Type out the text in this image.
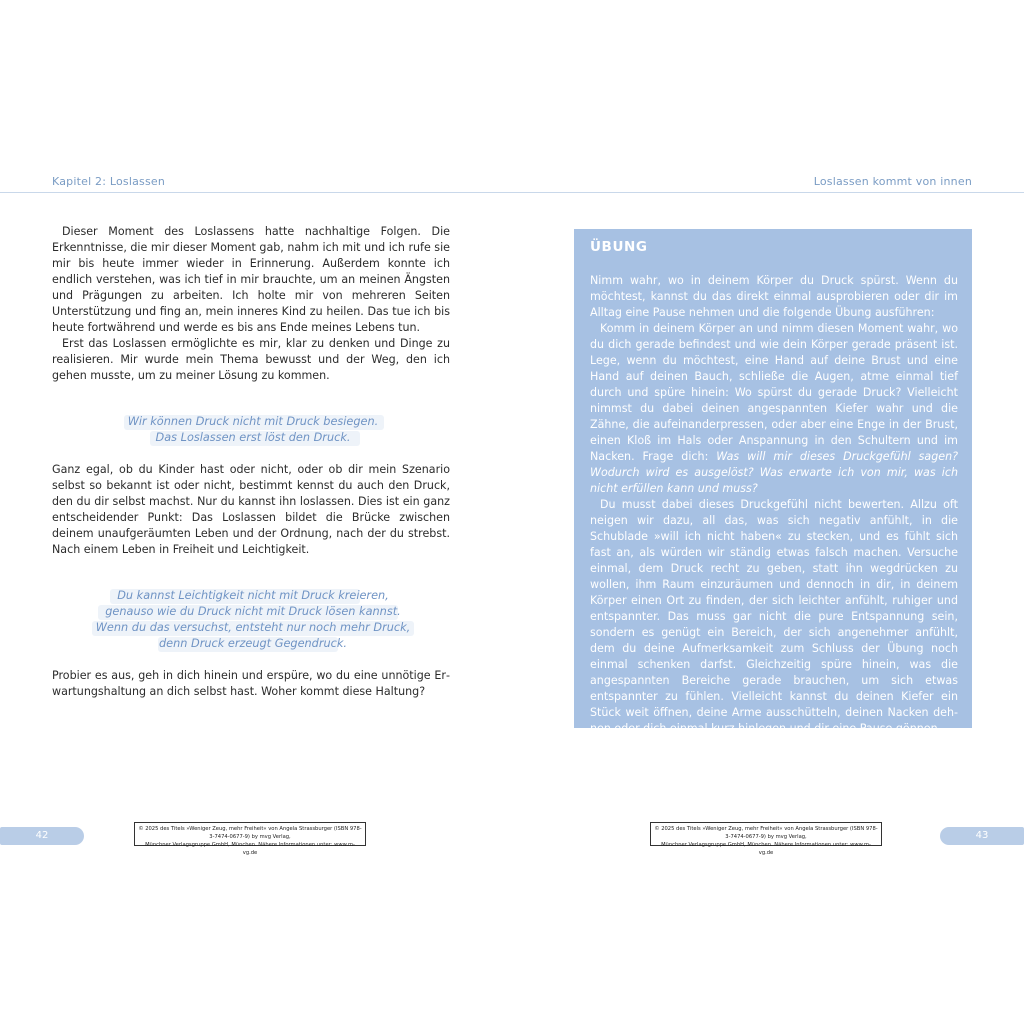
Kapitel 2: Loslassen	Loslassen kommt von innen

Dieser Moment des Loslassens hatte nachhaltige Folgen. Die Erkenntnisse, die mir dieser Moment gab, nahm ich mit und ich rufe sie mir bis heute immer wieder in Erinnerung. Außerdem konnte ich endlich verstehen, was ich tief in mir brauchte, um an meinen Ängsten und Prägungen zu arbeiten. Ich holte mir von mehreren Seiten Unterstützung und fing an, mein inneres Kind zu heilen. Das tue ich bis heute fortwährend und werde es bis ans Ende meines Lebens tun.

Erst das Loslassen ermöglichte es mir, klar zu denken und Dinge zu realisieren. Mir wurde mein Thema bewusst und der Weg, den ich gehen musste, um zu meiner Lösung zu kommen.

Wir können Druck nicht mit Druck besiegen.
Das Loslassen erst löst den Druck.

Ganz egal, ob du Kinder hast oder nicht, oder ob dir mein Szenario selbst so bekannt ist oder nicht, bestimmt kennst du auch den Druck, den du dir selbst machst. Nur du kannst ihn loslassen. Dies ist ein ganz entscheidender Punkt: Das Loslassen bildet die Brücke zwischen deinem unaufgeräumten Leben und der Ordnung, nach der du strebst. Nach einem Leben in Freiheit und Leichtigkeit.

Du kannst Leichtigkeit nicht mit Druck kreieren,
genauso wie du Druck nicht mit Druck lösen kannst.
Wenn du das versuchst, entsteht nur noch mehr Druck,
denn Druck erzeugt Gegendruck.

Probier es aus, geh in dich hinein und erspüre, wo du eine unnötige Erwartungshaltung an dich selbst hast. Woher kommt diese Haltung?

42
© 2025 des Titels »Weniger Zeug, mehr Freiheit« von Angela Strassburger (ISBN 978-3-7474-0677-9) by mvg Verlag,
Münchner Verlagsgruppe GmbH, München. Nähere Informationen unter: www.m-vg.de
ÜBUNG

Nimm wahr, wo in deinem Körper du Druck spürst. Wenn du möchtest, kannst du das direkt einmal ausprobieren oder dir im Alltag eine Pause nehmen und die folgende Übung ausführen:

Komm in deinem Körper an und nimm diesen Moment wahr, wo du dich gerade befindest und wie dein Körper gerade präsent ist. Lege, wenn du möchtest, eine Hand auf deine Brust und eine Hand auf deinen Bauch, schließe die Augen, atme einmal tief durch und spüre hinein: Wo spürst du gerade Druck? Vielleicht nimmst du dabei deinen angespannten Kiefer wahr und die Zähne, die aufeinanderpressen, oder aber eine Enge in der Brust, einen Kloß im Hals oder Anspannung in den Schultern und im Nacken. Frage dich: Was will mir dieses Druckgefühl sagen? Wodurch wird es ausgelöst? Was erwarte ich von mir, was ich nicht erfüllen kann und muss?

Du musst dabei dieses Druckgefühl nicht bewerten. Allzu oft neigen wir dazu, all das, was sich negativ anfühlt, in die Schublade »will ich nicht haben« zu stecken, und es fühlt sich fast an, als würden wir ständig etwas falsch machen. Versuche einmal, dem Druck recht zu geben, statt ihn wegdrücken zu wollen, ihm Raum einzuräumen und dennoch in dir, in deinem Körper einen Ort zu finden, der sich leichter anfühlt, ruhiger und entspannter. Das muss gar nicht die pure Entspannung sein, sondern es genügt ein Bereich, der sich angenehmer anfühlt, dem du deine Aufmerksamkeit zum Schluss der Übung noch einmal schenken darfst. Gleichzeitig spüre hinein, was die angespannten Bereiche gerade brauchen, um sich etwas entspannter zu fühlen. Vielleicht kannst du deinen Kiefer ein Stück weit öffnen, deine Arme ausschütteln, deinen Nacken dehnen oder dich einmal kurz hinlegen und dir eine Pause gönnen.

© 2025 des Titels »Weniger Zeug, mehr Freiheit« von Angela Strassburger (ISBN 978-3-7474-0677-9) by mvg Verlag,
Münchner Verlagsgruppe GmbH, München. Nähere Informationen unter: www.m-vg.de
43
